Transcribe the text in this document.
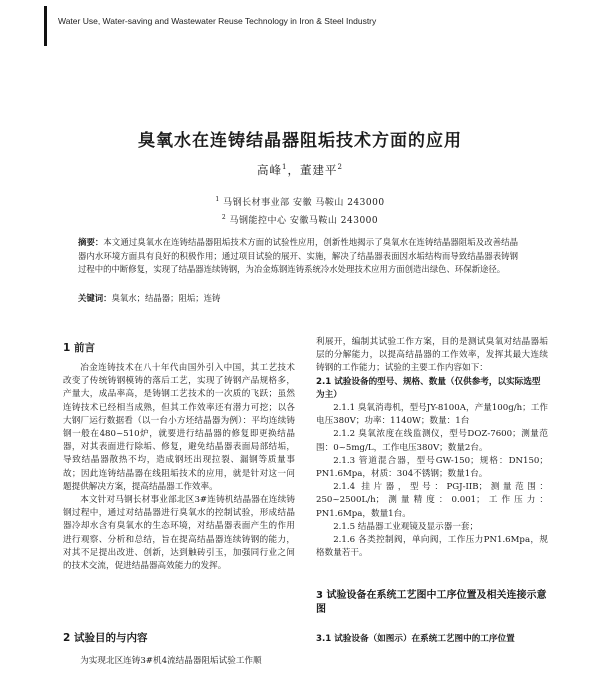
Water Use, Water-saving and Wastewater Reuse Technology in Iron & Steel Industry
臭氧水在连铸结晶器阻垢技术方面的应用
高峰$^1$，董建平$^2$
$^1$ 马钢长材事业部 安徽 马鞍山 243000
$^2$ 马钢能控中心 安徽马鞍山 243000
摘要：本文通过臭氧水在连铸结晶器阻垢技术方面的试验性应用，创新性地揭示了臭氧水在连铸结晶器阻垢及改善结晶器内水环境方面具有良好的积极作用；通过项目试验的展开、实施，解决了结晶器表面因水垢结构而导致结晶器表铸钢过程中的中断修复，实现了结晶器连续铸钢，为冶金炼钢连铸系统冷水处理技术应用方面创造出绿色、环保新途径。
关键词：臭氧水；结晶器；阻垢；连铸
1 前言

冶金连铸技术在八十年代由国外引入中国，其工艺技术改变了传统铸钢模铸的落后工艺，实现了铸钢产品规格多，产量大，成品率高，是铸钢工艺技术的一次质的飞跃；虽然连铸技术已经相当成熟，但其工作效率还有潜力可挖；以各大钢厂运行数据看（以一台小方坯结晶器为例）：平均连续铸钢一般在480~510炉，就要进行结晶器的修复即更换结晶器，对其表面进行除垢、修复，避免结晶器表面局部结垢，导致结晶器散热不均，造成钢坯出现拉裂、漏钢等质量事故；因此连铸结晶器在线阻垢技术的应用，就是针对这一问题提供解决方案，提高结晶器工作效率。

本文针对马钢长材事业部北区3#连铸机结晶器在连续铸钢过程中，通过对结晶器进行臭氧水的控制试验，形成结晶器冷却水含有臭氧水的生态环境，对结晶器表面产生的作用进行观察、分析和总结，旨在提高结晶器连续铸钢的能力，对其不足提出改进、创新，达到触砖引玉，加强同行业之间的技术交流，促进结晶器高效能力的发挥。

2 试验目的与内容

为实现北区连铸3#机4流结晶器阻垢试验工作顺

利展开，编制其试验工作方案，目的是测试臭氧对结晶器垢层的分解能力，以提高结晶器的工作效率，发挥其最大连续铸钢的工作能力；试验的主要工作内容如下：

2.1 试验设备的型号、规格、数量（仅供参考，以实际选型为主）

2.1.1 臭氧消毒机，型号JY-8100A，产量100g/h；工作电压380V；功率：1140W；数量：1台

2.1.2 臭氧浓度在线监测仪，型号DOZ-7600；测量范围：0~5mg/L，工作电压380V；数量2台。

2.1.3 管道混合器，型号GW-150；规格：DN150；PN1.6Mpa，材质：304不锈钢；数量1台。

2.1.4 挂片器，型号：PGJ-IIB；测量范围：250~2500L/h；测量精度：0.001；工作压力：PN1.6Mpa，数量1台。

2.1.5 结晶器工业观镜及显示器一套；

2.1.6 各类控制阀，单向阀，工作压力PN1.6Mpa，规格数量若干。

3 试验设备在系统工艺图中工序位置及相关连接示意图
3.1 试验设备（如图示）在系统工艺图中的工序位置
